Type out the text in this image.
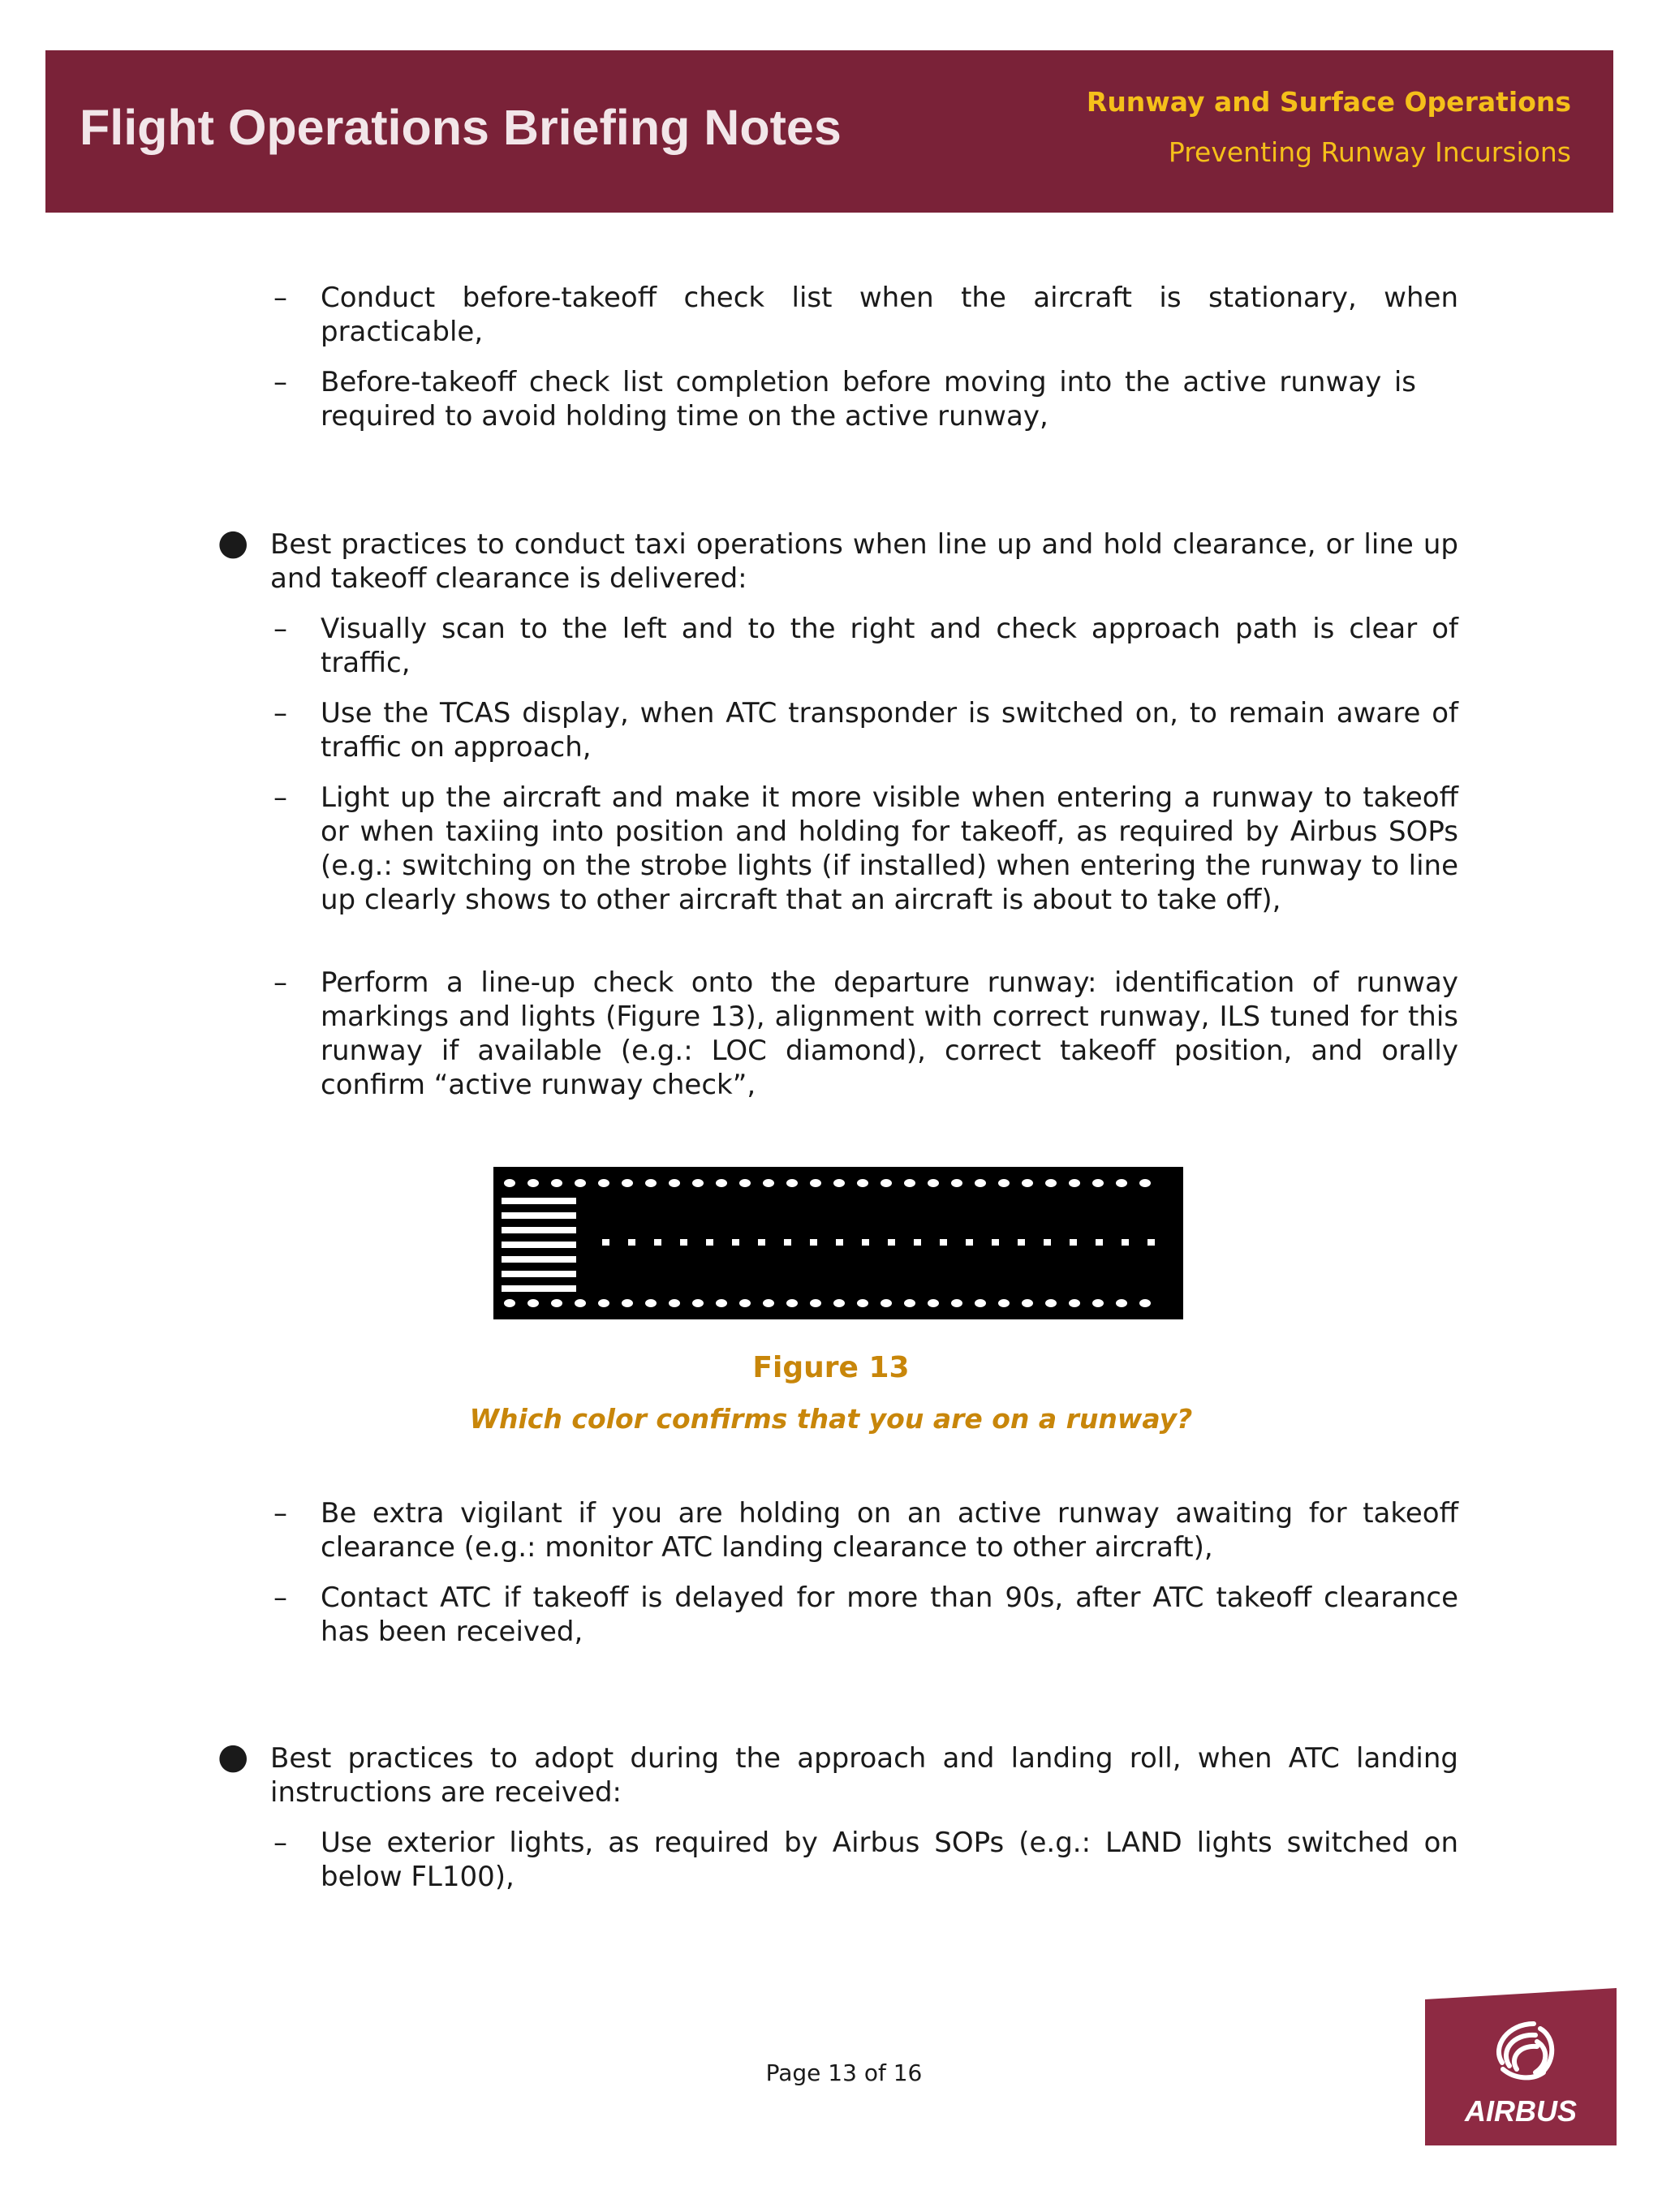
Flight Operations Briefing Notes	Runway and Surface Operations
Preventing Runway Incursions
– Conduct before-takeoff check list when the aircraft is stationary, when practicable,
– Before-takeoff check list completion before moving into the active runway is required to avoid holding time on the active runway,
● Best practices to conduct taxi operations when line up and hold clearance, or line up and takeoff clearance is delivered:
– Visually scan to the left and to the right and check approach path is clear of traffic,
– Use the TCAS display, when ATC transponder is switched on, to remain aware of traffic on approach,
– Light up the aircraft and make it more visible when entering a runway to takeoff or when taxiing into position and holding for takeoff, as required by Airbus SOPs (e.g.: switching on the strobe lights (if installed) when entering the runway to line up clearly shows to other aircraft that an aircraft is about to take off),
– Perform a line-up check onto the departure runway: identification of runway markings and lights (Figure 13), alignment with correct runway, ILS tuned for this runway if available (e.g.: LOC diamond), correct takeoff position, and orally confirm “active runway check”,
Figure 13
Which color confirms that you are on a runway?
– Be extra vigilant if you are holding on an active runway awaiting for takeoff clearance (e.g.: monitor ATC landing clearance to other aircraft),
– Contact ATC if takeoff is delayed for more than 90s, after ATC takeoff clearance has been received,
● Best practices to adopt during the approach and landing roll, when ATC landing instructions are received:
– Use exterior lights, as required by Airbus SOPs (e.g.: LAND lights switched on below FL100),
Page 13 of 16
AIRBUS
